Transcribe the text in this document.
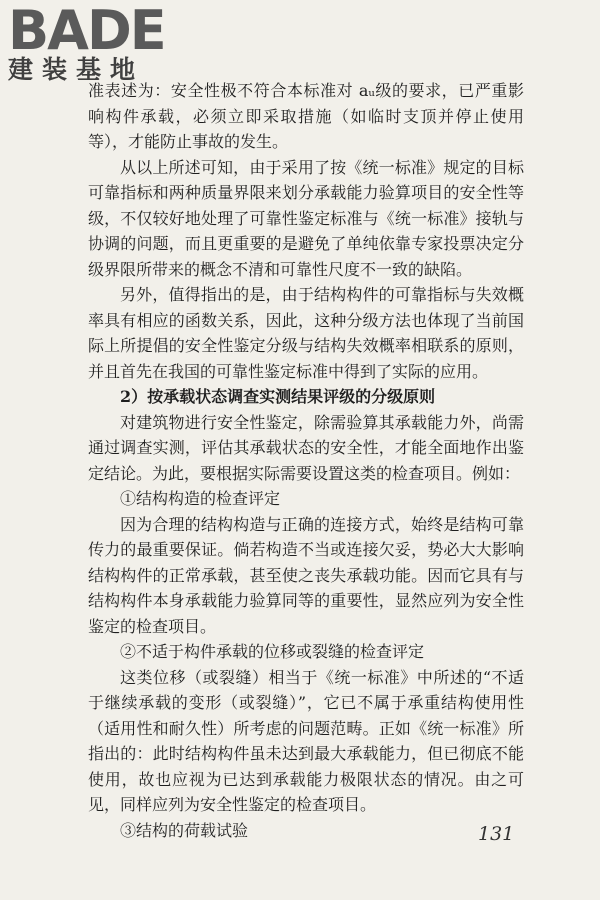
BADE
建装基地

准表述为：安全性极不符合本标准对 aᵤ级的要求，已严重影响构件承载，必须立即采取措施（如临时支顶并停止使用等），才能防止事故的发生。

从以上所述可知，由于采用了按《统一标准》规定的目标可靠指标和两种质量界限来划分承载能力验算项目的安全性等级，不仅较好地处理了可靠性鉴定标准与《统一标准》接轨与协调的问题，而且更重要的是避免了单纯依靠专家投票决定分级界限所带来的概念不清和可靠性尺度不一致的缺陷。

另外，值得指出的是，由于结构构件的可靠指标与失效概率具有相应的函数关系，因此，这种分级方法也体现了当前国际上所提倡的安全性鉴定分级与结构失效概率相联系的原则，并且首先在我国的可靠性鉴定标准中得到了实际的应用。

2）按承载状态调查实测结果评级的分级原则

对建筑物进行安全性鉴定，除需验算其承载能力外，尚需通过调查实测，评估其承载状态的安全性，才能全面地作出鉴定结论。为此，要根据实际需要设置这类的检查项目。例如：

①结构构造的检查评定

因为合理的结构构造与正确的连接方式，始终是结构可靠传力的最重要保证。倘若构造不当或连接欠妥，势必大大影响结构构件的正常承载，甚至使之丧失承载功能。因而它具有与结构构件本身承载能力验算同等的重要性，显然应列为安全性鉴定的检查项目。

②不适于构件承载的位移或裂缝的检查评定

这类位移（或裂缝）相当于《统一标准》中所述的“不适于继续承载的变形（或裂缝）”，它已不属于承重结构使用性（适用性和耐久性）所考虑的问题范畴。正如《统一标准》所指出的：此时结构构件虽未达到最大承载能力，但已彻底不能使用，故也应视为已达到承载能力极限状态的情况。由之可见，同样应列为安全性鉴定的检查项目。

③结构的荷载试验	131
